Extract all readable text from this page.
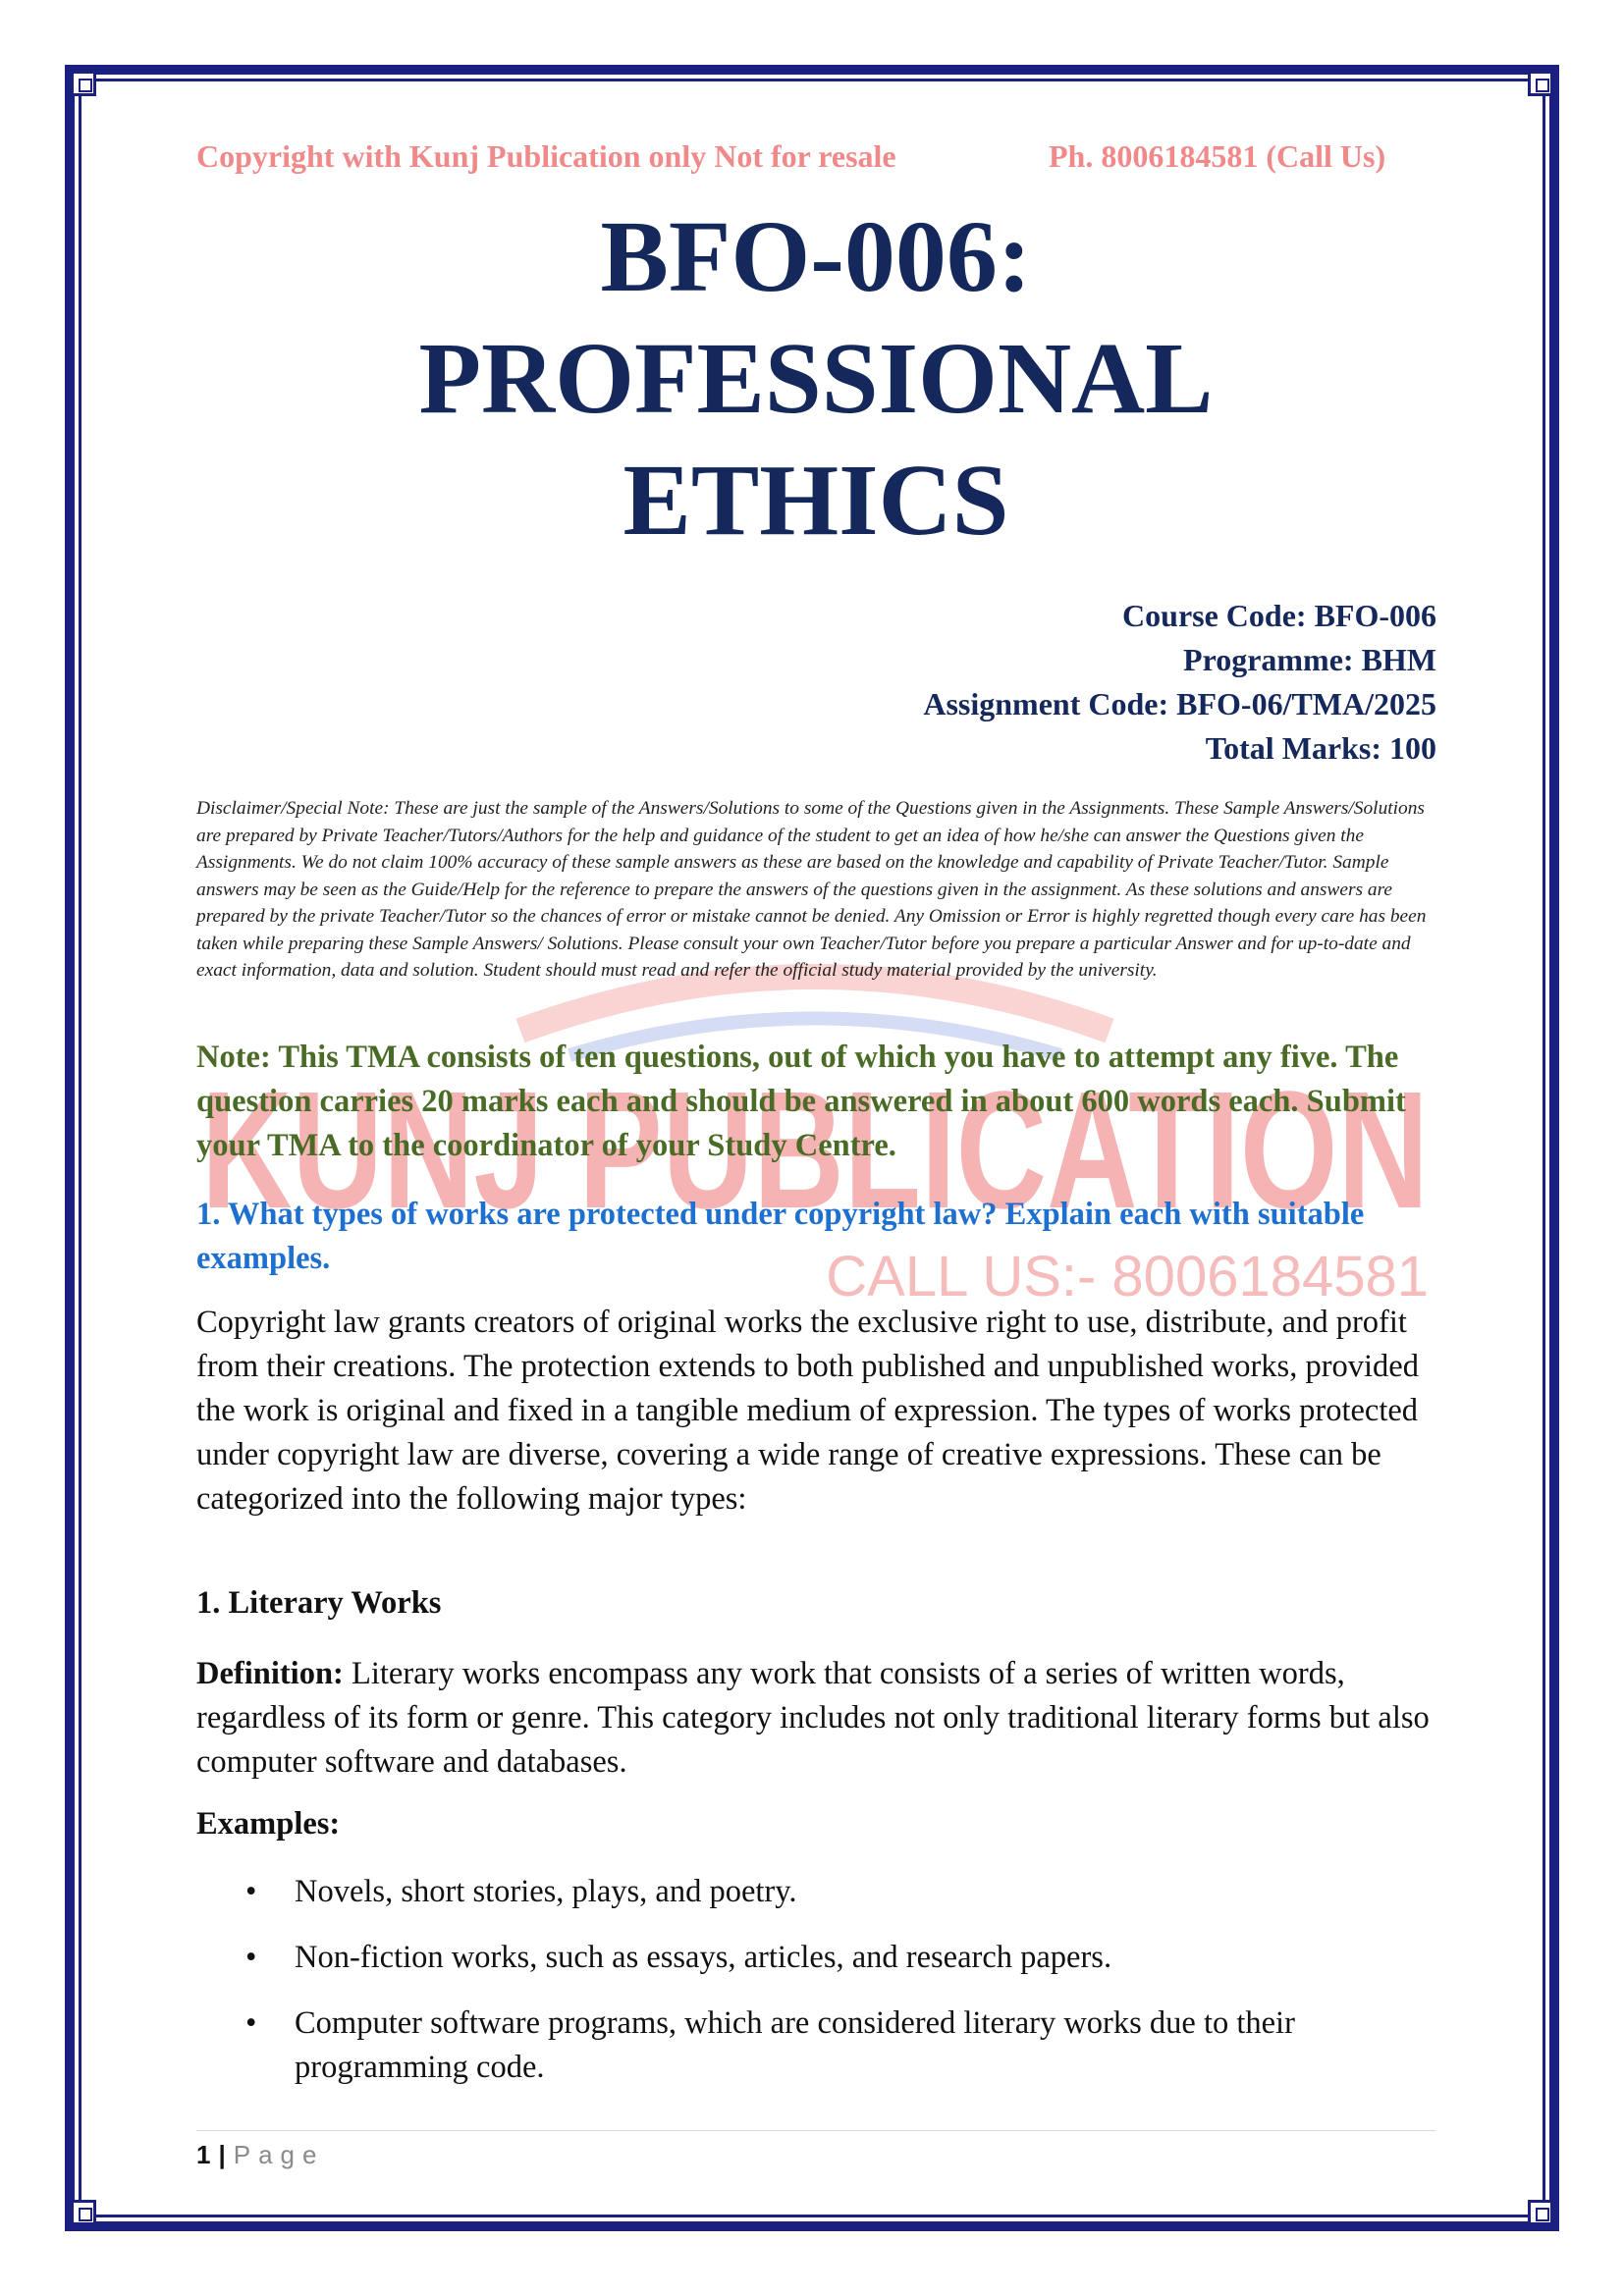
KUNJ PUBLICATION
CALL US:- 8006184581
Copyright with Kunj Publication only Not for resale	Ph. 8006184581 (Call Us)
BFO-006: PROFESSIONAL
ETHICS
Course Code: BFO-006
Programme: BHM
Assignment Code: BFO-06/TMA/2025
Total Marks: 100
Disclaimer/Special Note: These are just the sample of the Answers/Solutions to some of the Questions given in the Assignments. These Sample Answers/Solutions are prepared by Private Teacher/Tutors/Authors for the help and guidance of the student to get an idea of how he/she can answer the Questions given the Assignments. We do not claim 100% accuracy of these sample answers as these are based on the knowledge and capability of Private Teacher/Tutor. Sample answers may be seen as the Guide/Help for the reference to prepare the answers of the questions given in the assignment. As these solutions and answers are prepared by the private Teacher/Tutor so the chances of error or mistake cannot be denied. Any Omission or Error is highly regretted though every care has been taken while preparing these Sample Answers/ Solutions. Please consult your own Teacher/Tutor before you prepare a particular Answer and for up-to-date and exact information, data and solution. Student should must read and refer the official study material provided by the university.
Note: This TMA consists of ten questions, out of which you have to attempt any five. The question carries 20 marks each and should be answered in about 600 words each. Submit your TMA to the coordinator of your Study Centre.
1. What types of works are protected under copyright law? Explain each with suitable examples.
Copyright law grants creators of original works the exclusive right to use, distribute, and profit from their creations. The protection extends to both published and unpublished works, provided the work is original and fixed in a tangible medium of expression. The types of works protected under copyright law are diverse, covering a wide range of creative expressions. These can be categorized into the following major types:
1. Literary Works
Definition: Literary works encompass any work that consists of a series of written words, regardless of its form or genre. This category includes not only traditional literary forms but also computer software and databases.
Examples:
• Novels, short stories, plays, and poetry.
• Non-fiction works, such as essays, articles, and research papers.
• Computer software programs, which are considered literary works due to their programming code.
1 | Page
